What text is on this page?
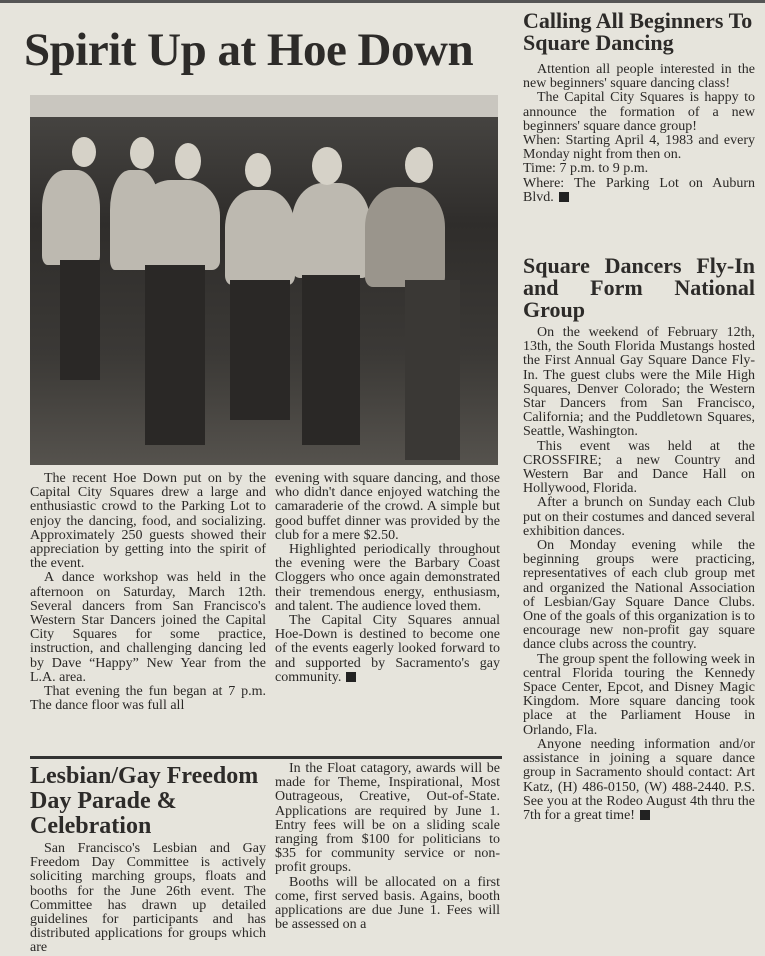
Spirit Up at Hoe Down

The recent Hoe Down put on by the Capital City Squares drew a large and enthusiastic crowd to the Parking Lot to enjoy the dancing, food, and socializing. Approximately 250 guests showed their appreciation by getting into the spirit of the event.

A dance workshop was held in the afternoon on Saturday, March 12th. Several dancers from San Francisco's Western Star Dancers joined the Capital City Squares for some practice, instruction, and challenging dancing led by Dave “Happy” New Year from the L.A. area.

That evening the fun began at 7 p.m. The dance floor was full all

evening with square dancing, and those who didn't dance enjoyed watching the camaraderie of the crowd. A simple but good buffet dinner was provided by the club for a mere $2.50.

Highlighted periodically throughout the evening were the Barbary Coast Cloggers who once again demonstrated their tremendous energy, enthusiasm, and talent. The audience loved them.

The Capital City Squares annual Hoe-Down is destined to become one of the events eagerly looked forward to and supported by Sacramento's gay community.

Lesbian/Gay Freedom Day Parade & Celebration

San Francisco's Lesbian and Gay Freedom Day Committee is actively soliciting marching groups, floats and booths for the June 26th event. The Committee has drawn up detailed guidelines for participants and has distributed applications for groups which are

In the Float catagory, awards will be made for Theme, Inspirational, Most Outrageous, Creative, Out-of-State. Applications are required by June 1. Entry fees will be on a sliding scale ranging from $100 for politicians to $35 for community service or non-profit groups.

Booths will be allocated on a first come, first served basis. Agains, booth applications are due June 1. Fees will be assessed on a

Calling All Beginners To Square Dancing

Attention all people interested in the new beginners' square dancing class!

The Capital City Squares is happy to announce the formation of a new beginners' square dance group!

When: Starting April 4, 1983 and every Monday night from then on.

Time: 7 p.m. to 9 p.m.

Where: The Parking Lot on Auburn Blvd.

Square Dancers Fly-In and Form National Group

On the weekend of February 12th, 13th, the South Florida Mustangs hosted the First Annual Gay Square Dance Fly-In. The guest clubs were the Mile High Squares, Denver Colorado; the Western Star Dancers from San Francisco, California; and the Puddletown Squares, Seattle, Washington.

This event was held at the CROSSFIRE; a new Country and Western Bar and Dance Hall on Hollywood, Florida.

After a brunch on Sunday each Club put on their costumes and danced several exhibition dances.

On Monday evening while the beginning groups were practicing, representatives of each club group met and organized the National Association of Lesbian/Gay Square Dance Clubs. One of the goals of this organization is to encourage new non-profit gay square dance clubs across the country.

The group spent the following week in central Florida touring the Kennedy Space Center, Epcot, and Disney Magic Kingdom. More square dancing took place at the Parliament House in Orlando, Fla.

Anyone needing information and/or assistance in joining a square dance group in Sacramento should contact: Art Katz, (H) 486-0150, (W) 488-2440. P.S. See you at the Rodeo August 4th thru the 7th for a great time!
